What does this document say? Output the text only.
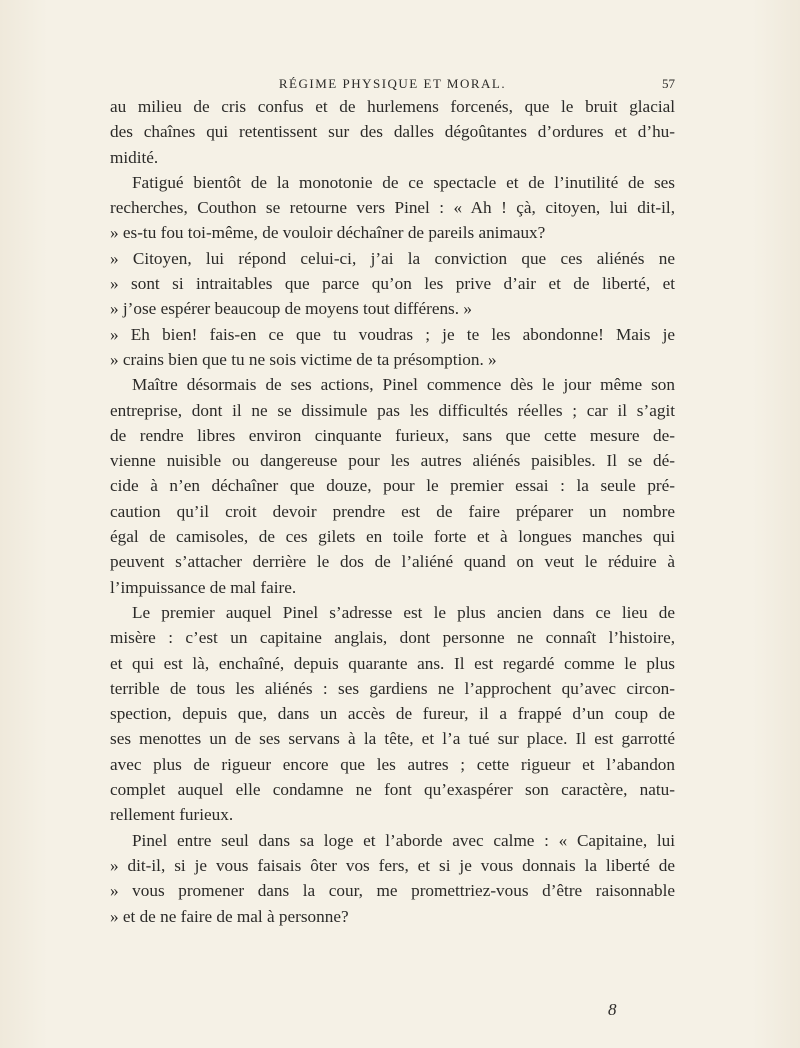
RÉGIME PHYSIQUE ET MORAL.	57
au milieu de cris confus et de hurlemens forcenés, que le bruit glacial
des chaînes qui retentissent sur des dalles dégoûtantes d’ordures et d’hu-
midité.
Fatigué bientôt de la monotonie de ce spectacle et de l’inutilité de ses
recherches, Couthon se retourne vers Pinel : « Ah ! çà, citoyen, lui dit-il,
» es-tu fou toi-même, de vouloir déchaîner de pareils animaux?
» Citoyen, lui répond celui-ci, j’ai la conviction que ces aliénés ne
» sont si intraitables que parce qu’on les prive d’air et de liberté, et
» j’ose espérer beaucoup de moyens tout différens. »
» Eh bien! fais-en ce que tu voudras ; je te les abondonne! Mais je
» crains bien que tu ne sois victime de ta présomption. »
Maître désormais de ses actions, Pinel commence dès le jour même son
entreprise, dont il ne se dissimule pas les difficultés réelles ; car il s’agit
de rendre libres environ cinquante furieux, sans que cette mesure de-
vienne nuisible ou dangereuse pour les autres aliénés paisibles. Il se dé-
cide à n’en déchaîner que douze, pour le premier essai : la seule pré-
caution qu’il croit devoir prendre est de faire préparer un nombre
égal de camisoles, de ces gilets en toile forte et à longues manches qui
peuvent s’attacher derrière le dos de l’aliéné quand on veut le réduire à
l’impuissance de mal faire.
Le premier auquel Pinel s’adresse est le plus ancien dans ce lieu de
misère : c’est un capitaine anglais, dont personne ne connaît l’histoire,
et qui est là, enchaîné, depuis quarante ans. Il est regardé comme le plus
terrible de tous les aliénés : ses gardiens ne l’approchent qu’avec circon-
spection, depuis que, dans un accès de fureur, il a frappé d’un coup de
ses menottes un de ses servans à la tête, et l’a tué sur place. Il est garrotté
avec plus de rigueur encore que les autres ; cette rigueur et l’abandon
complet auquel elle condamne ne font qu’exaspérer son caractère, natu-
rellement furieux.
Pinel entre seul dans sa loge et l’aborde avec calme : « Capitaine, lui
» dit-il, si je vous faisais ôter vos fers, et si je vous donnais la liberté de
» vous promener dans la cour, me promettriez-vous d’être raisonnable
» et de ne faire de mal à personne?
8
